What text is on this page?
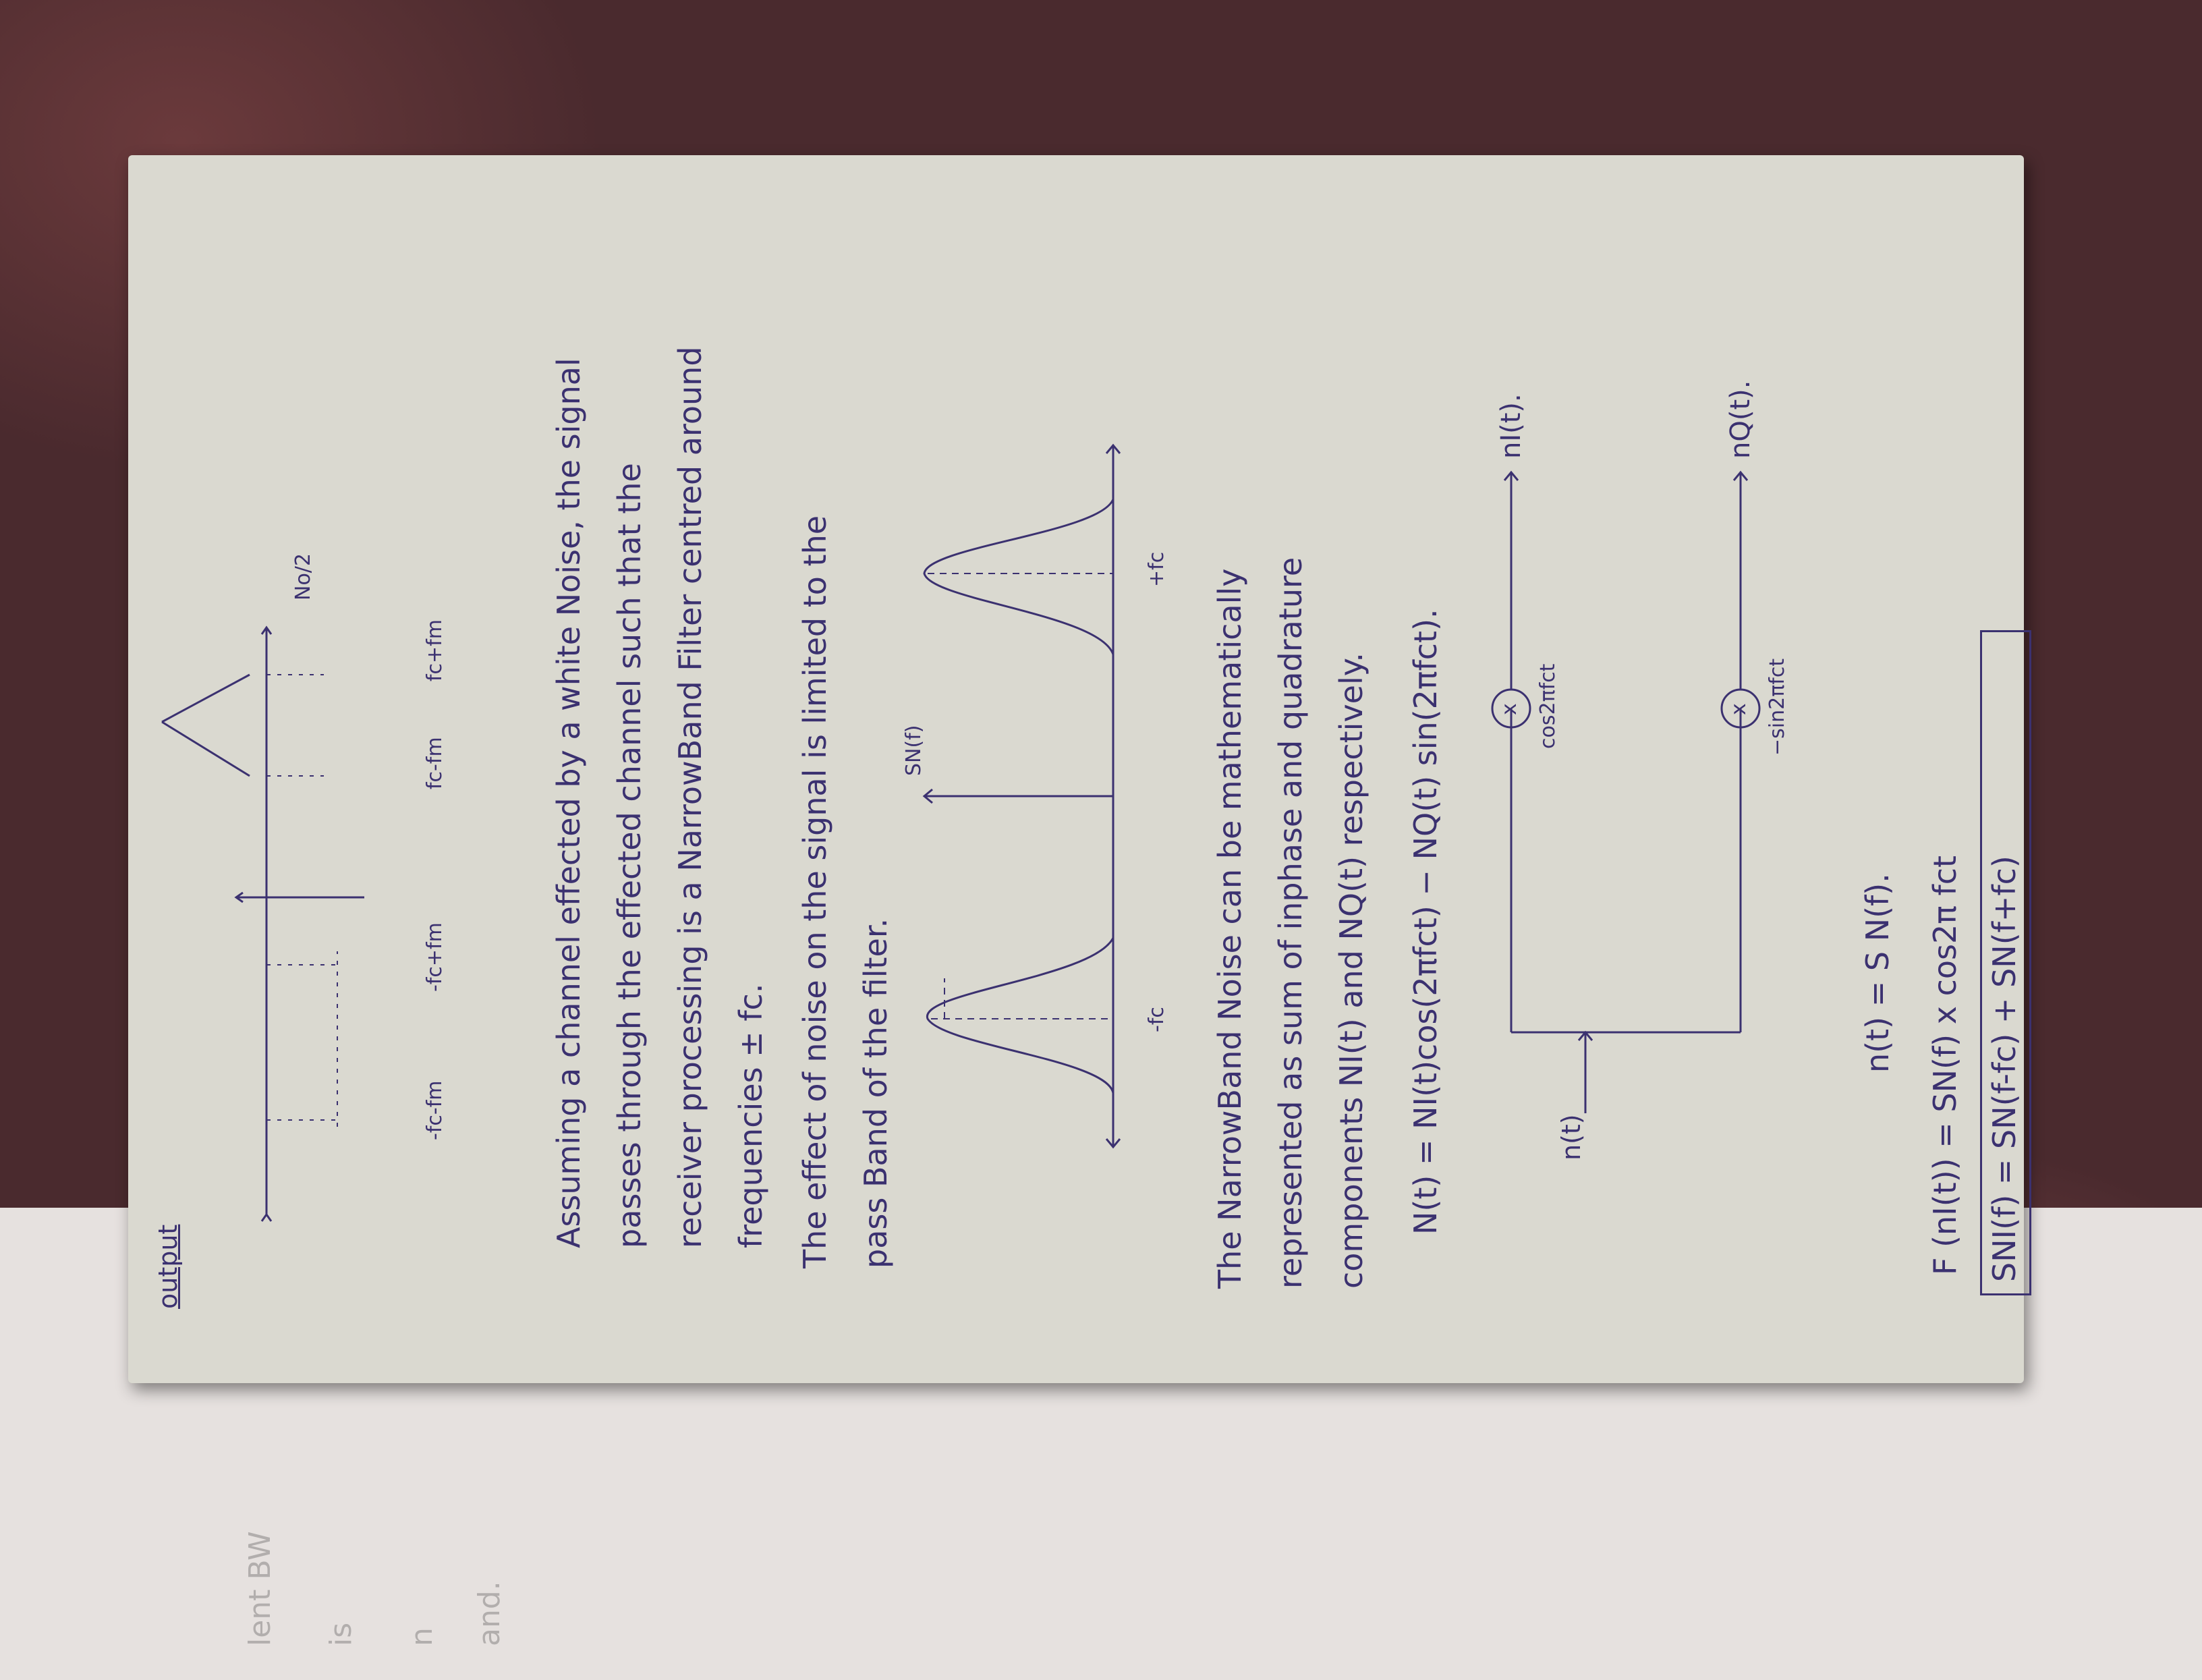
lent BW	and.
is n
output
-fc-fm
-fc+fm
fc-fm
fc+fm
No/2	Assuming a channel effected by a white Noise, the signal passes through the effected channel such that the receiver processing is a NarrowBand Filter centred around frequencies ± fc. The effect of noise on the signal is limited to the pass Band of the filter.
SN(f)
-fc
+fc The NarrowBand Noise can be mathematically represented as sum of inphase and quadrature components NI(t) and NQ(t) respectively. N(t) = NI(t)cos(2πfct) − NQ(t) sin(2πfct).	n(t)
x	x
cos2πfct	−sin2πfct
nI(t).	nQ(t).
n(t) = S N(f). F (nI(t)) = SN(f) x cos2π fct SNI(f) = SN(f-fc) + SN(f+fc)
